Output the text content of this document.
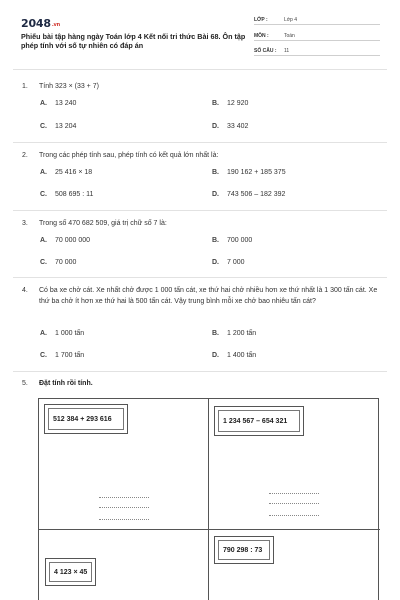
2048.vn
Phiếu bài tập hàng ngày Toán lớp 4 Kết nối tri thức Bài 68. Ôn tập phép tính với số tự nhiên có đáp án
LỚP :	Lớp 4
MÔN :	Toán
SỐ CÂU : 11
1. Tính 323 × (33 + 7)
A. 13 240	B. 12 920
C. 13 204	D. 33 402
2. Trong các phép tính sau, phép tính có kết quả lớn nhất là:
A. 25 416 × 18	B. 190 162 + 185 375
C. 508 695 : 11	D. 743 506 – 182 392
3. Trong số 470 682 509, giá trị chữ số 7 là:
A. 70 000 000	B. 700 000
C. 70 000	D. 7 000
4. Có ba xe chở cát. Xe nhất chở được 1 000 tấn cát, xe thứ hai chở nhiều hơn xe thứ nhất là 1 300 tấn cát. Xe thứ ba chở ít hơn xe thứ hai là 500 tấn cát. Vậy trung bình mỗi xe chở bao nhiêu tấn cát?
A. 1 000 tấn	B. 1 200 tấn
C. 1 700 tấn	D. 1 400 tấn
5. Đặt tính rồi tính.
512 384 + 293 616	1 234 567 – 654 321
4 123 × 45
790 298 : 73
